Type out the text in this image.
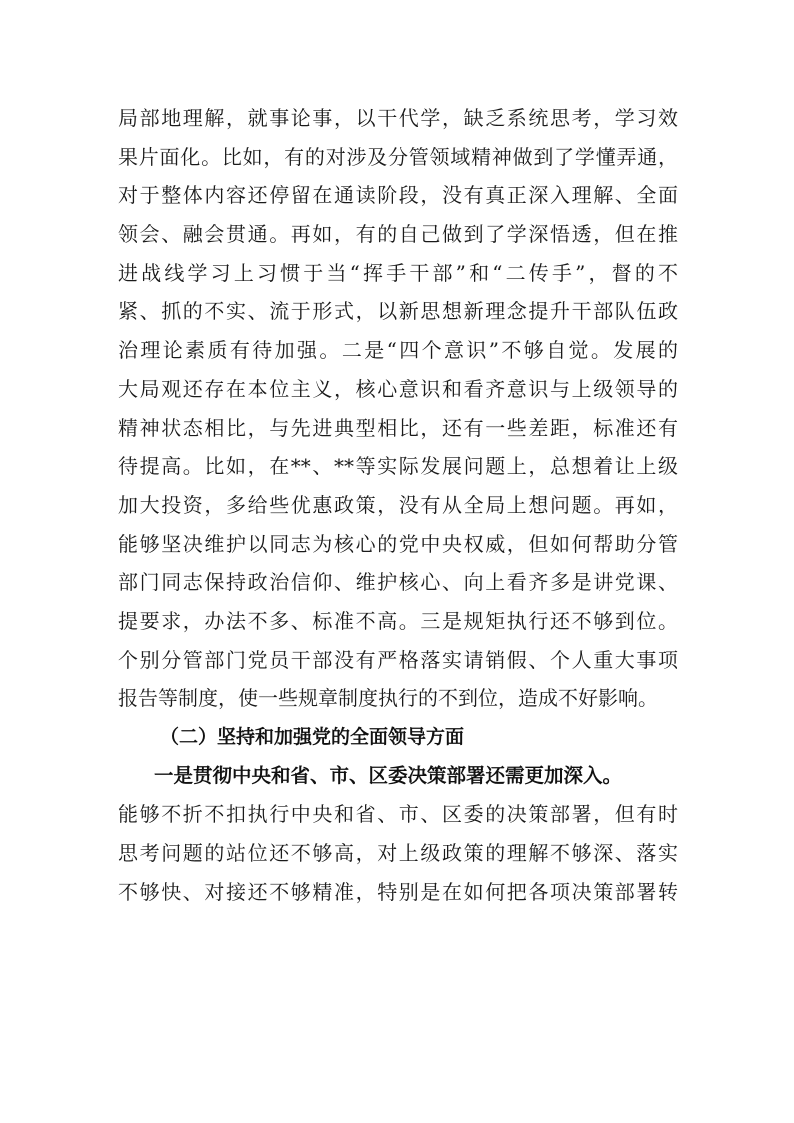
局部地理解，就事论事，以干代学，缺乏系统思考，学习效
果片面化。比如，有的对涉及分管领域精神做到了学懂弄通，
对于整体内容还停留在通读阶段，没有真正深入理解、全面
领会、融会贯通。再如，有的自己做到了学深悟透，但在推
进战线学习上习惯于当“挥手干部”和“二传手”，督的不
紧、抓的不实、流于形式，以新思想新理念提升干部队伍政
治理论素质有待加强。二是“四个意识”不够自觉。发展的
大局观还存在本位主义，核心意识和看齐意识与上级领导的
精神状态相比，与先进典型相比，还有一些差距，标准还有
待提高。比如，在**、**等实际发展问题上，总想着让上级
加大投资，多给些优惠政策，没有从全局上想问题。再如，
能够坚决维护以同志为核心的党中央权威，但如何帮助分管
部门同志保持政治信仰、维护核心、向上看齐多是讲党课、
提要求，办法不多、标准不高。三是规矩执行还不够到位。
个别分管部门党员干部没有严格落实请销假、个人重大事项
报告等制度，使一些规章制度执行的不到位，造成不好影响。
（二）坚持和加强党的全面领导方面
一是贯彻中央和省、市、区委决策部署还需更加深入。
能够不折不扣执行中央和省、市、区委的决策部署，但有时
思考问题的站位还不够高，对上级政策的理解不够深、落实
不够快、对接还不够精准，特别是在如何把各项决策部署转
